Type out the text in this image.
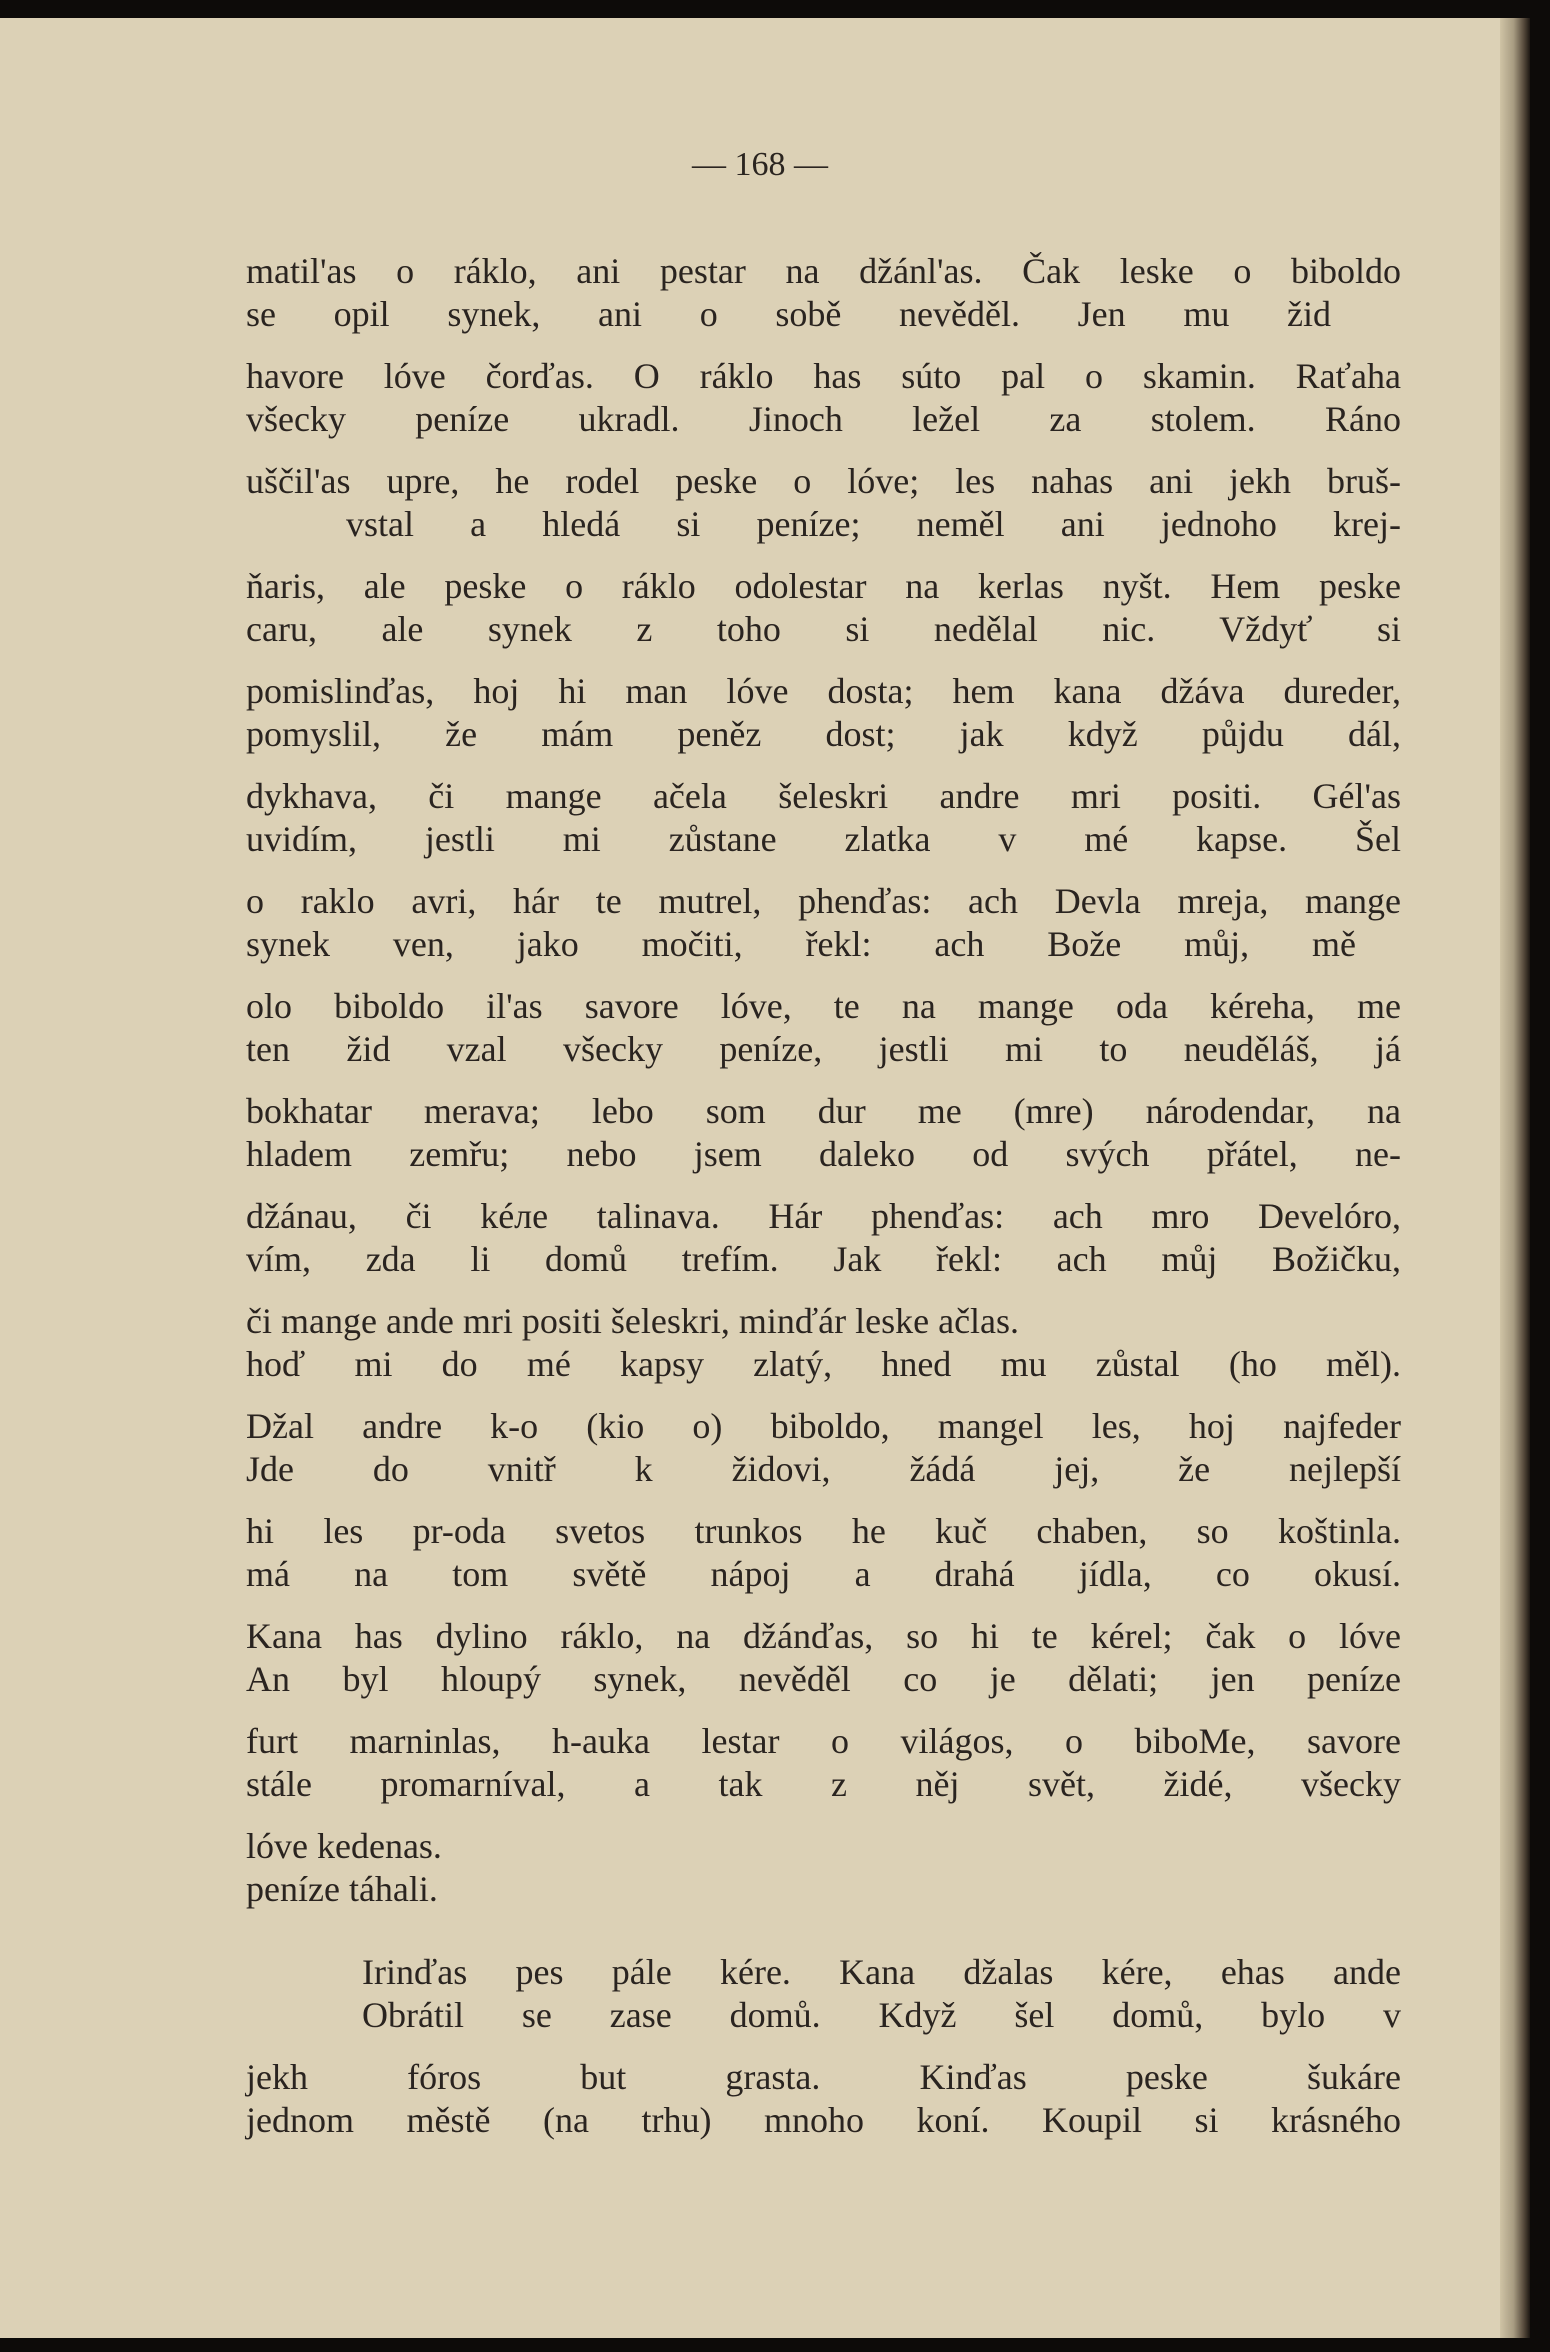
— 168 —
matil'as o ráklo, ani pestar na džánl'as. Čak leske o biboldo
se opil synek, ani o sobě nevěděl. Jen mu žid
havore lóve čorďas. O ráklo has súto pal o skamin. Raťaha
všecky peníze ukradl. Jinoch ležel za stolem. Ráno
uščil'as upre, he rodel peske o lóve; les nahas ani jekh bruš-
vstal a hledá si peníze; neměl ani jednoho krej-
ňaris, ale peske o ráklo odolestar na kerlas nyšt. Hem peske
caru, ale synek z toho si nedělal nic. Vždyť si
pomislinďas, hoj hi man lóve dosta; hem kana džáva dureder,
pomyslil, že mám peněz dost; jak když půjdu dál,
dykhava, či mange ačela šeleskri andre mri positi. Gél'as
uvidím, jestli mi zůstane zlatka v mé kapse. Šel
o raklo avri, hár te mutrel, phenďas: ach Devla mreja, mange
synek ven, jako močiti, řekl: ach Bože můj, mě
olo biboldo il'as savore lóve, te na mange oda kéreha, me
ten žid vzal všecky peníze, jestli mi to neuděláš, já
bokhatar merava; lebo som dur me (mre) národendar, na
hladem zemřu; nebo jsem daleko od svých přátel, ne-
džánau, či kéле talinava. Hár phenďas: ach mro Develóro,
vím, zda li domů trefím. Jak řekl: ach můj Božičku,
či mange ande mri positi šeleskri, minďár leske ačlas.
hoď mi do mé kapsy zlatý, hned mu zůstal (ho měl).
Džal andre k-o (kio o) biboldo, mangel les, hoj najfeder
Jde do vnitř k židovi, žádá jej, že nejlepší
hi les pr-oda svetos trunkos he kuč chaben, so koštinla.
má na tom světě nápoj a drahá jídla, co okusí.
Kana has dylino ráklo, na džánďas, so hi te kérel; čak o lóve
An byl hloupý synek, nevěděl co je dělati; jen peníze
furt marninlas, h-auka lestar o világos, o biboMe, savore
stále promarníval, a tak z něj svět, židé, všecky
lóve kedenas.
peníze táhali.
Irinďas pes pále kére. Kana džalas kére, ehas ande
Obrátil se zase domů. Když šel domů, bylo v
jekh fóros but grasta. Kinďas peske šukáre
jednom městě (na trhu) mnoho koní. Koupil si krásného
